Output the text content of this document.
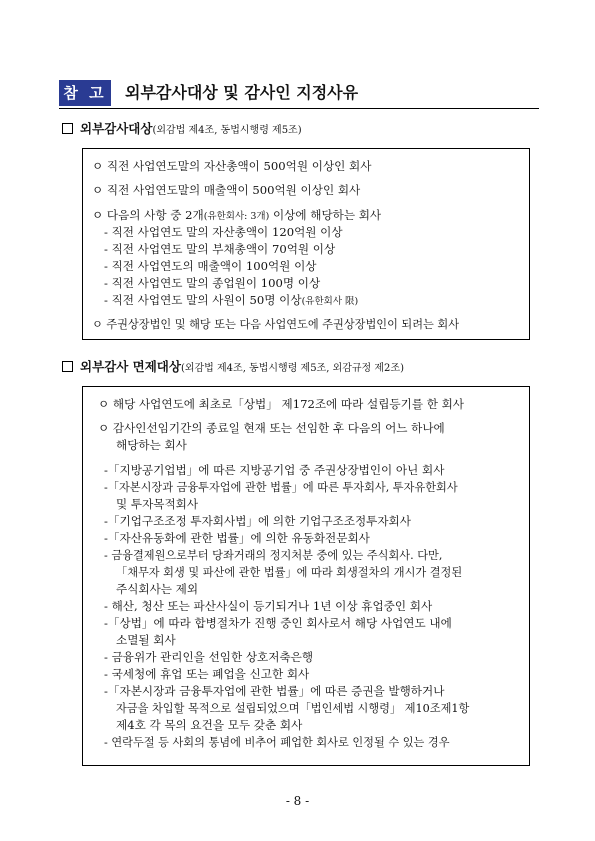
참 고 외부감사대상 및 감사인 지정사유
외부감사대상(외감법 제4조, 동법시행령 제5조)
ㅇ 직전 사업연도말의 자산총액이 500억원 이상인 회사
ㅇ 직전 사업연도말의 매출액이 500억원 이상인 회사
ㅇ 다음의 사항 중 2개(유한회사: 3개) 이상에 해당하는 회사
- 직전 사업연도 말의 자산총액이 120억원 이상
- 직전 사업연도 말의 부채총액이 70억원 이상
- 직전 사업연도의 매출액이 100억원 이상
- 직전 사업연도 말의 종업원이 100명 이상
- 직전 사업연도 말의 사원이 50명 이상(유한회사 限)
ㅇ 주권상장법인 및 해당 또는 다음 사업연도에 주권상장법인이 되려는 회사
외부감사 면제대상(외감법 제4조, 동법시행령 제5조, 외감규정 제2조)
ㅇ 해당 사업연도에 최초로「상법」 제172조에 따라 설립등기를 한 회사
ㅇ 감사인선임기간의 종료일 현재 또는 선임한 후 다음의 어느 하나에
해당하는 회사
-「지방공기업법」에 따른 지방공기업 중 주권상장법인이 아닌 회사
-「자본시장과 금융투자업에 관한 법률」에 따른 투자회사, 투자유한회사
및 투자목적회사
-「기업구조조정 투자회사법」에 의한 기업구조조정투자회사
-「자산유동화에 관한 법률」에 의한 유동화전문회사
- 금융결제원으로부터 당좌거래의 정지처분 중에 있는 주식회사. 다만,
「채무자 회생 및 파산에 관한 법률」에 따라 회생절차의 개시가 결정된
주식회사는 제외
- 해산, 청산 또는 파산사실이 등기되거나 1년 이상 휴업중인 회사
-「상법」에 따라 합병절차가 진행 중인 회사로서 해당 사업연도 내에
소멸될 회사
- 금융위가 관리인을 선임한 상호저축은행
- 국세청에 휴업 또는 폐업을 신고한 회사
-「자본시장과 금융투자업에 관한 법률」에 따른 증권을 발행하거나
자금을 차입할 목적으로 설립되었으며「법인세법 시행령」 제10조제1항
제4호 각 목의 요건을 모두 갖춘 회사
- 연락두절 등 사회의 통념에 비추어 폐업한 회사로 인정될 수 있는 경우
- 8 -
